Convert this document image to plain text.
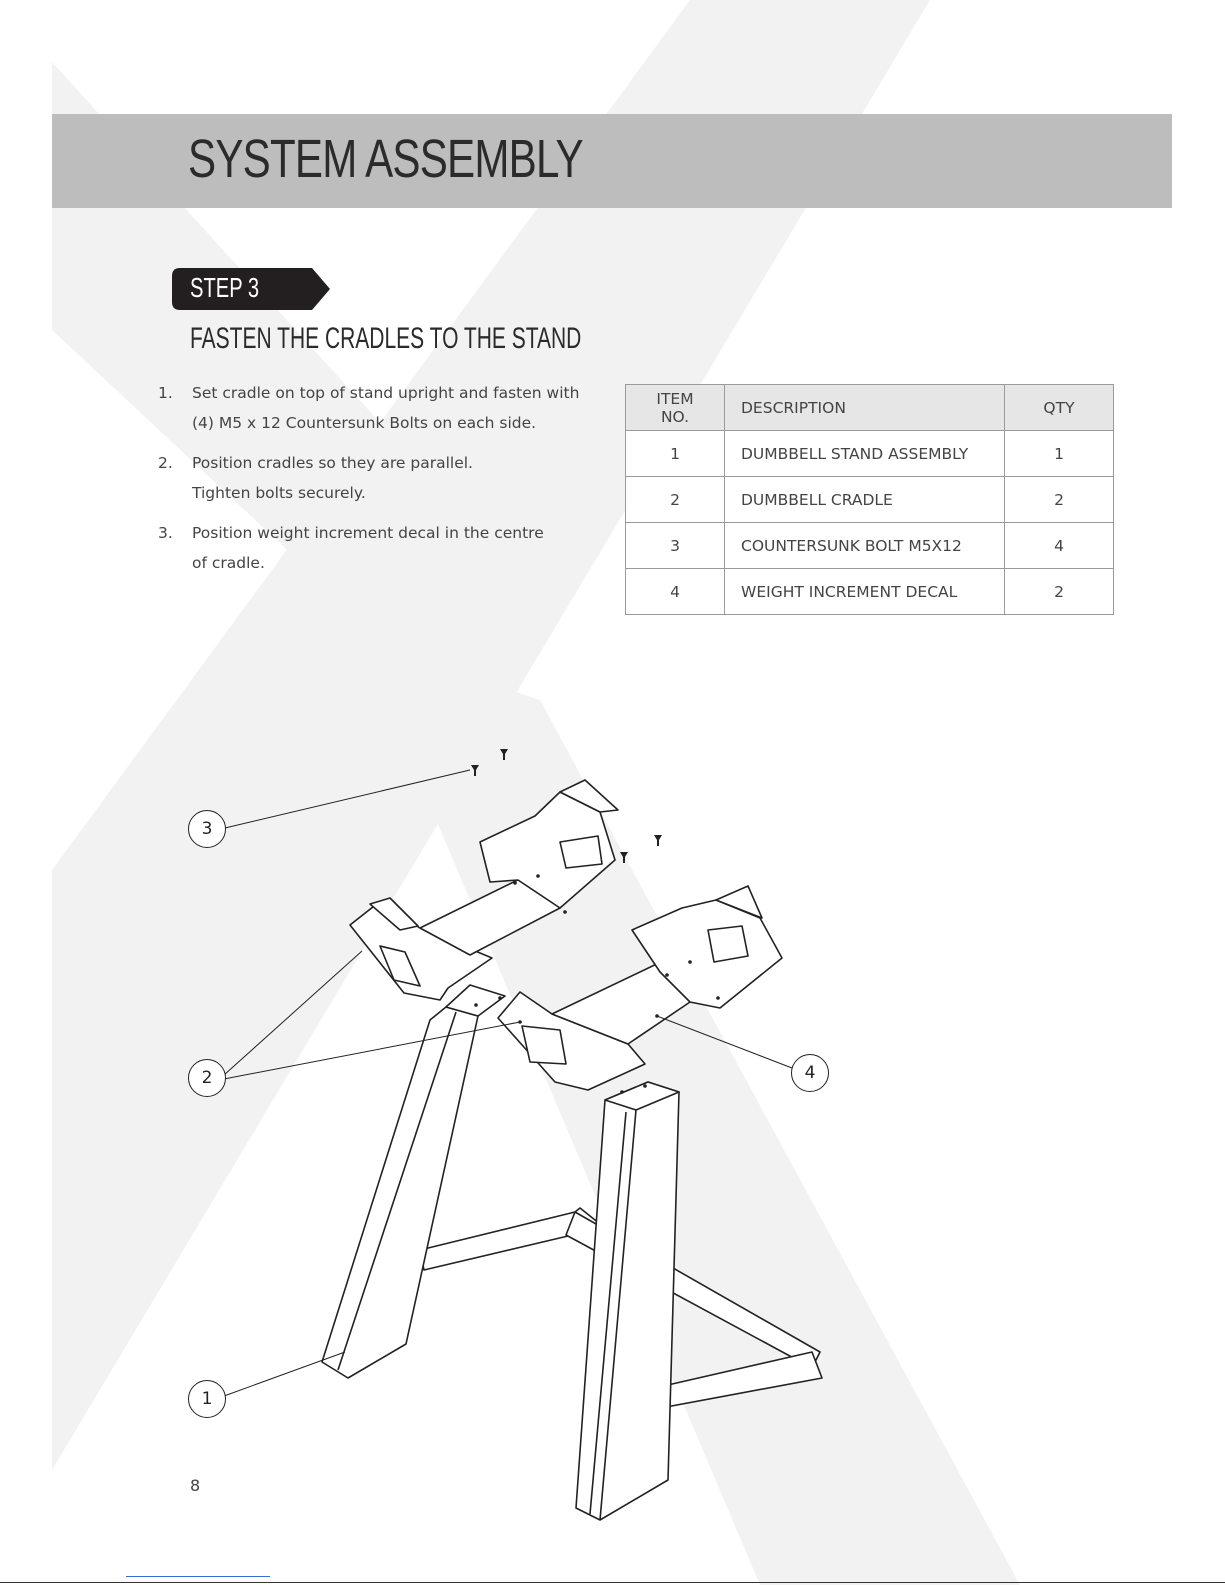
SYSTEM ASSEMBLY
STEP 3
FASTEN THE CRADLES TO THE STAND
1. Set cradle on top of stand upright and fasten with
(4) M5 x 12 Countersunk Bolts on each side.
2. Position cradles so they are parallel.
Tighten bolts securely.
3. Position weight increment decal in the centre
of cradle.
ITEM NO.	DESCRIPTION	QTY
1	DUMBBELL STAND ASSEMBLY	1
2	DUMBBELL CRADLE	2
3	COUNTERSUNK BOLT M5X12	4
4	WEIGHT INCREMENT DECAL	2
3
2	4
1
8
